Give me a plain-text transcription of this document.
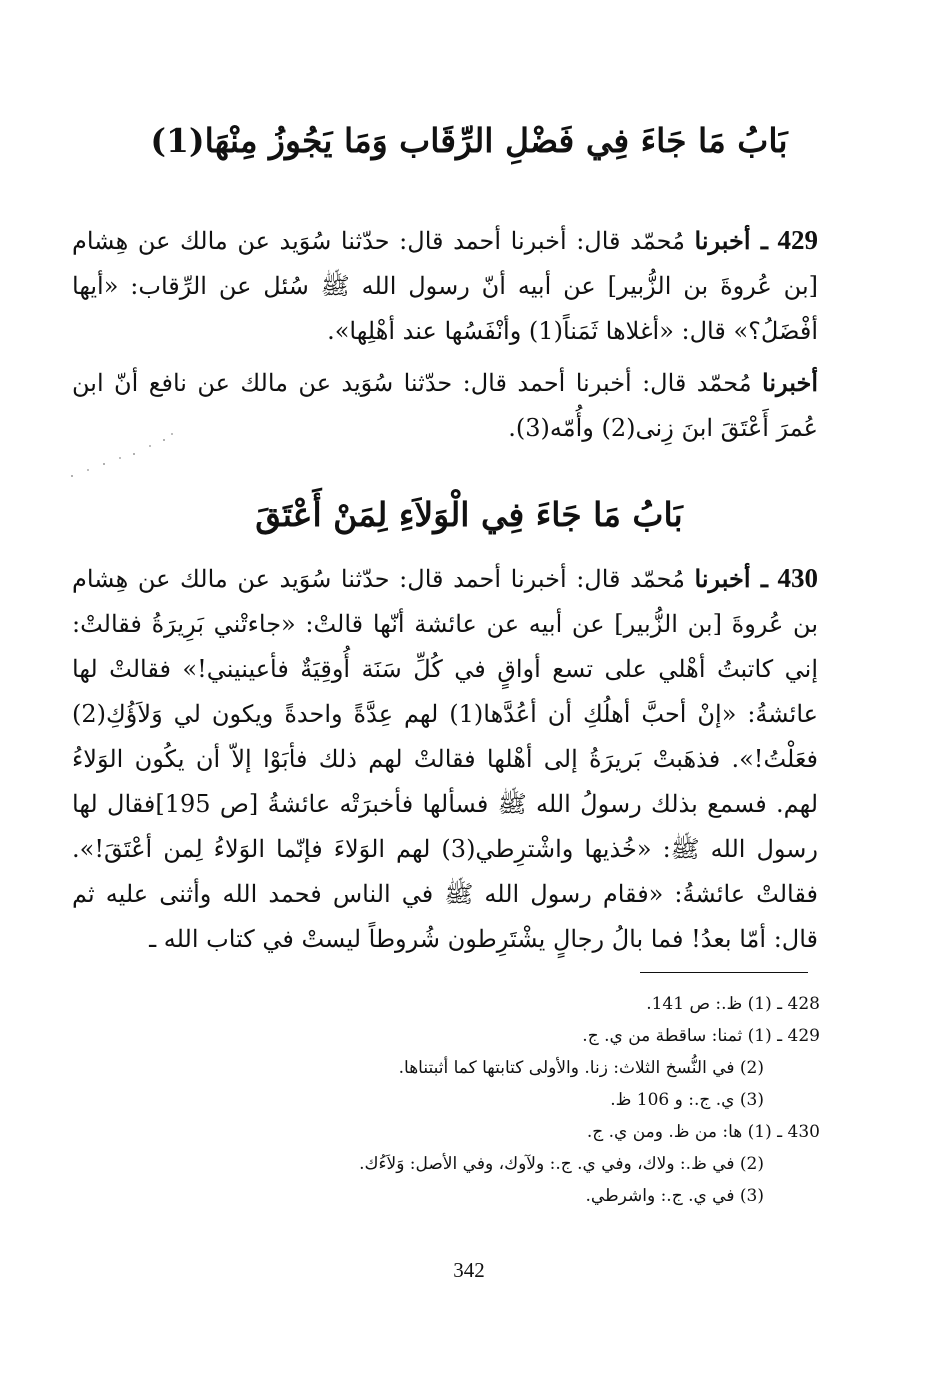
بَابُ مَا جَاءَ فِي فَضْلِ الرِّقَاب وَمَا يَجُوزُ مِنْهَا(1)

429 ـ أخبرنا مُحمّد قال: أخبرنا أحمد قال: حدّثنا سُوَيد عن مالك عن هِشام [بن عُروةَ بن الزُّبير] عن أبيه أنّ رسول الله ﷺ سُئل عن الرِّقاب: «أيها أفْضَلُ؟» قال: «أغلاها ثَمَناً(1) وأنْفَسُها عند أهْلِها».

أخبرنا مُحمّد قال: أخبرنا أحمد قال: حدّثنا سُوَيد عن مالك عن نافع أنّ ابن عُمرَ أَعْتَقَ ابنَ زِنى(2) وأُمّه(3).

بَابُ مَا جَاءَ فِي الْوَلاَءِ لِمَنْ أَعْتَقَ

430 ـ أخبرنا مُحمّد قال: أخبرنا أحمد قال: حدّثنا سُوَيد عن مالك عن هِشام بن عُروةَ [بن الزُّبير] عن أبيه عن عائشة أنّها قالتْ: «جاءتْني بَرِيرَةُ فقالتْ: إني كاتبتُ أهْلي على تسع أواقٍ في كُلِّ سَنَة أُوقِيَةٌ فأعينيني!» فقالتْ لها عائشةُ: «إنْ أحبَّ أهلُكِ أن أعُدَّها(1) لهم عِدَّةً واحدةً ويكون لي وَلاَؤُكِ(2) فعَلْتُ!». فذهَبتْ بَريرَةُ إلى أهْلها فقالتْ لهم ذلك فأبَوْا إلاّ أن يكُون الوَلاءُ لهم. فسمع بذلك رسولُ الله ﷺ فسألها فأخبرَتْه عائشةُ [ص 195]فقال لها رسول الله ﷺ: «خُذيها واشْترِطي(3) لهم الوَلاءَ فإنّما الوَلاءُ لِمن أعْتَقَ!». فقالتْ عائشةُ: «فقام رسول الله ﷺ في الناس فحمد الله وأثنى عليه ثم قال: أمّا بعدُ! فما بالُ رجالٍ يشْتَرِطون شُروطاً ليستْ في كتاب الله ـ

428 ـ (1) ظ.: ص 141.
429 ـ (1) ثمنا: ساقطة من ي. ج.
(2) في النُّسخ الثلاث: زنا. والأولى كتابتها كما أثبتناها.
(3) ي. ج.: و 106 ظ.
430 ـ (1) ها: من ظ. ومن ي. ج.
(2) في ظ.: ولاك، وفي ي. ج.: ولآوك، وفي الأصل: وَلاَءُك.
(3) في ي. ج.: واشرطي.
342
